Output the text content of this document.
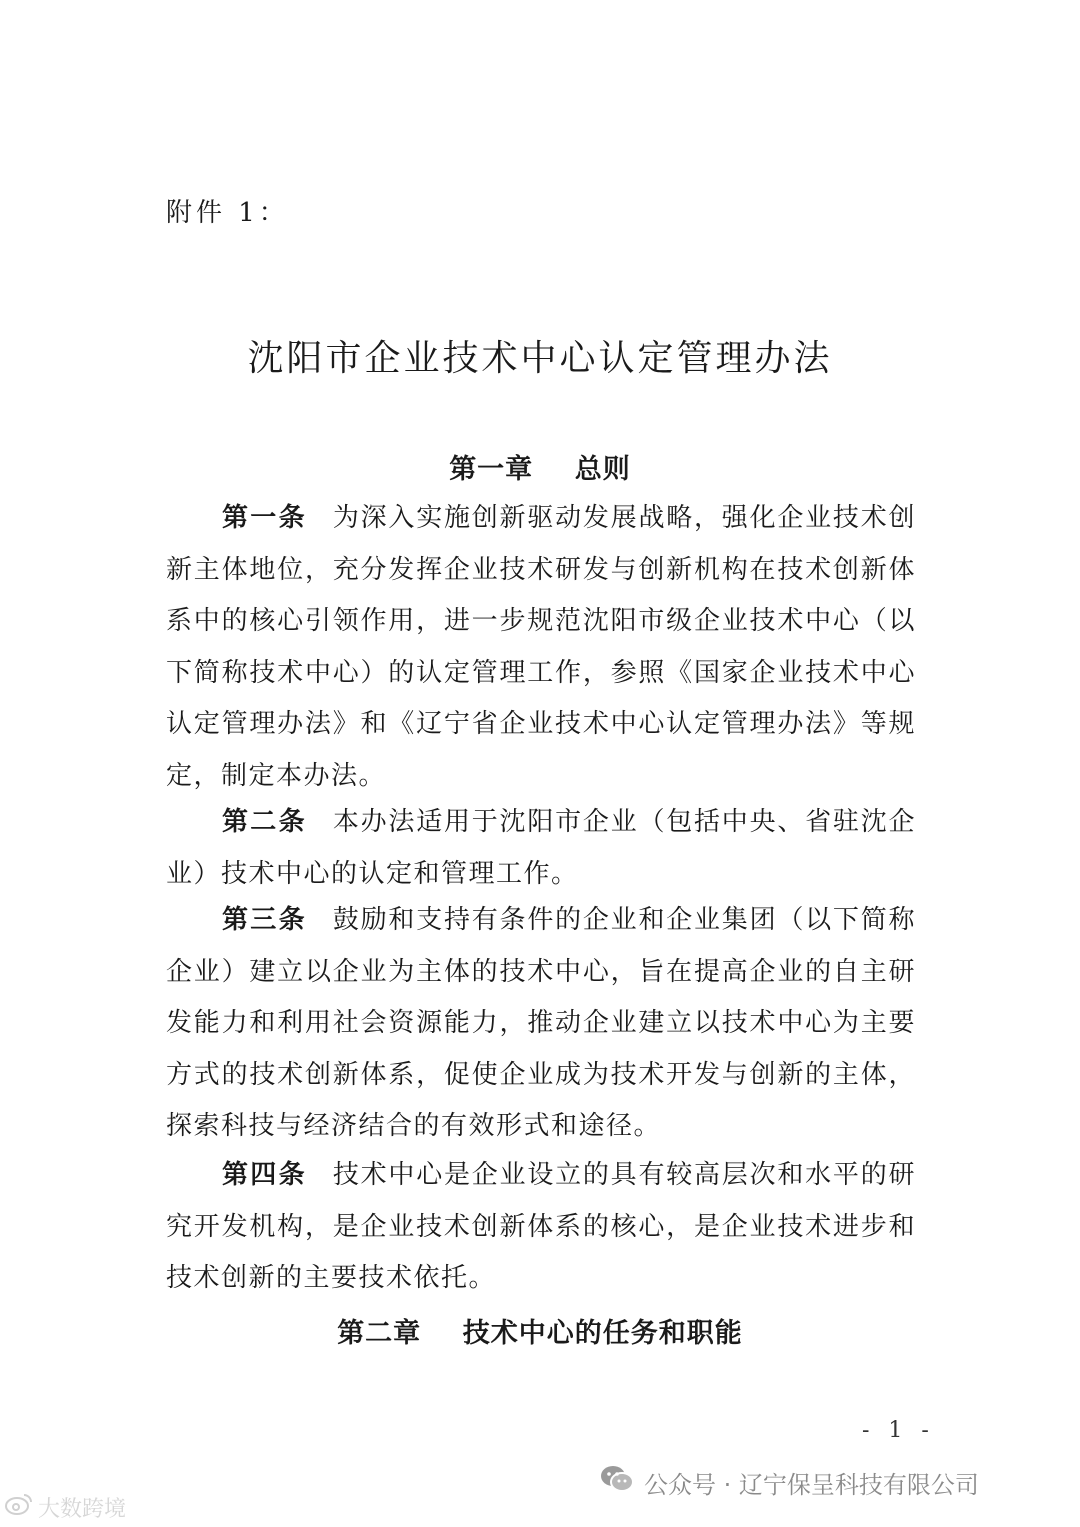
附件 1：
沈阳市企业技术中心认定管理办法
第一章    总则

第一条 为深入实施创新驱动发展战略，强化企业技术创新主体地位，充分发挥企业技术研发与创新机构在技术创新体系中的核心引领作用，进一步规范沈阳市级企业技术中心（以下简称技术中心）的认定管理工作，参照《国家企业技术中心认定管理办法》和《辽宁省企业技术中心认定管理办法》等规定，制定本办法。

第二条 本办法适用于沈阳市企业（包括中央、省驻沈企业）技术中心的认定和管理工作。

第三条 鼓励和支持有条件的企业和企业集团（以下简称企业）建立以企业为主体的技术中心，旨在提高企业的自主研发能力和利用社会资源能力，推动企业建立以技术中心为主要方式的技术创新体系，促使企业成为技术开发与创新的主体，探索科技与经济结合的有效形式和途径。

第四条 技术中心是企业设立的具有较高层次和水平的研究开发机构，是企业技术创新体系的核心，是企业技术进步和技术创新的主要技术依托。

第二章    技术中心的任务和职能
- 1 -
公众号 · 辽宁保呈科技有限公司
大数跨境
